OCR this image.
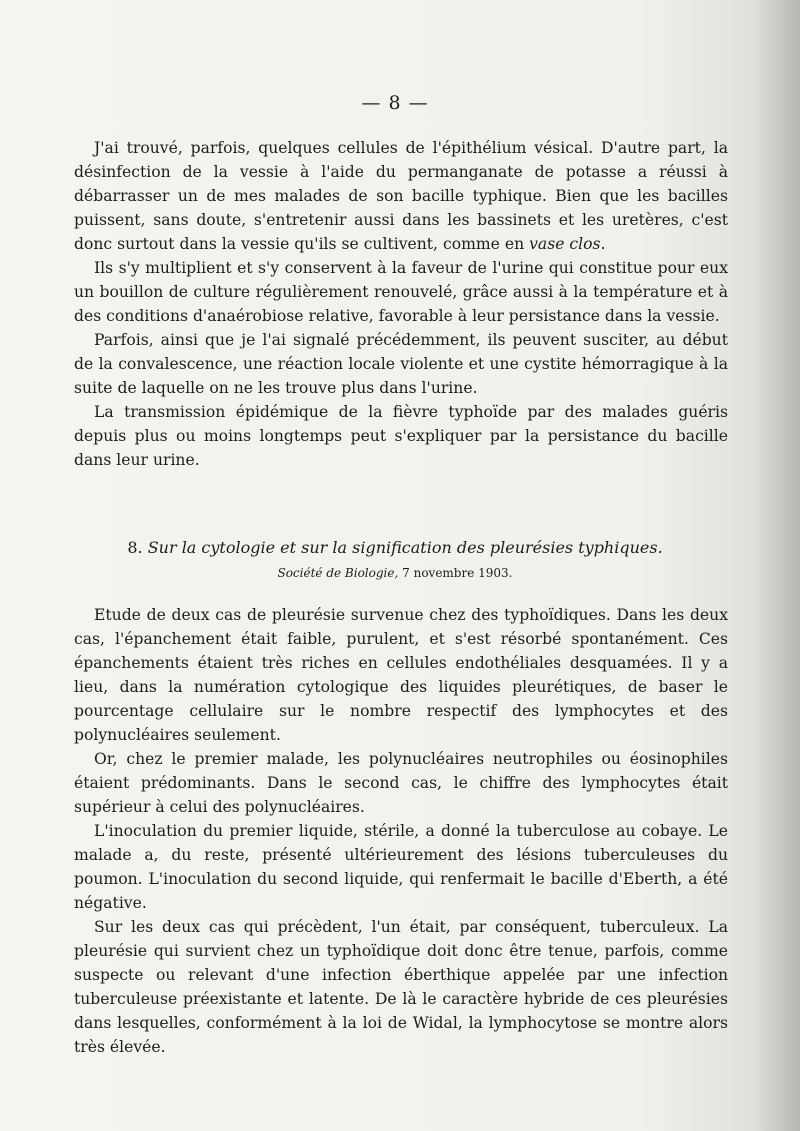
— 8 —

J'ai trouvé, parfois, quelques cellules de l'épithélium vésical. D'autre part, la désinfection de la vessie à l'aide du permanganate de potasse a réussi à débarrasser un de mes malades de son bacille typhique. Bien que les bacilles puissent, sans doute, s'entretenir aussi dans les bassinets et les uretères, c'est donc surtout dans la vessie qu'ils se cultivent, comme en vase clos.

Ils s'y multiplient et s'y conservent à la faveur de l'urine qui constitue pour eux un bouillon de culture régulièrement renouvelé, grâce aussi à la température et à des conditions d'anaérobiose relative, favorable à leur persistance dans la vessie.

Parfois, ainsi que je l'ai signalé précédemment, ils peuvent susciter, au début de la convalescence, une réaction locale violente et une cystite hémorragique à la suite de laquelle on ne les trouve plus dans l'urine.

La transmission épidémique de la fièvre typhoïde par des malades guéris depuis plus ou moins longtemps peut s'expliquer par la persistance du bacille dans leur urine.

8. Sur la cytologie et sur la signification des pleurésies typhiques.
Société de Biologie, 7 novembre 1903.

Etude de deux cas de pleurésie survenue chez des typhoïdiques. Dans les deux cas, l'épanchement était faible, purulent, et s'est résorbé spontanément. Ces épanchements étaient très riches en cellules endothéliales desquamées. Il y a lieu, dans la numération cytologique des liquides pleurétiques, de baser le pourcentage cellulaire sur le nombre respectif des lymphocytes et des polynucléaires seulement.

Or, chez le premier malade, les polynucléaires neutrophiles ou éosinophiles étaient prédominants. Dans le second cas, le chiffre des lymphocytes était supérieur à celui des polynucléaires.

L'inoculation du premier liquide, stérile, a donné la tuberculose au cobaye. Le malade a, du reste, présenté ultérieurement des lésions tuberculeuses du poumon. L'inoculation du second liquide, qui renfermait le bacille d'Eberth, a été négative.

Sur les deux cas qui précèdent, l'un était, par conséquent, tuberculeux. La pleurésie qui survient chez un typhoïdique doit donc être tenue, parfois, comme suspecte ou relevant d'une infection éberthique appelée par une infection tuberculeuse préexistante et latente. De là le caractère hybride de ces pleurésies dans lesquelles, conformément à la loi de Widal, la lymphocytose se montre alors très élevée.
